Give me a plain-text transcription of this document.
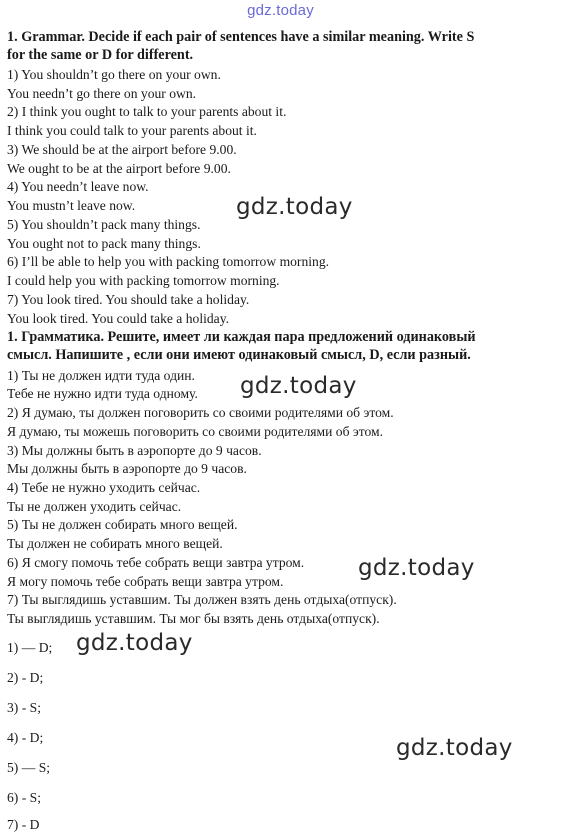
gdz.today
1. Grammar. Decide if each pair of sentences have a similar meaning. Write S
for the same or D for different.
1) You shouldn’t go there on your own.
You needn’t go there on your own.
2) I think you ought to talk to your parents about it.
I think you could talk to your parents about it.
3) We should be at the airport before 9.00.
We ought to be at the airport before 9.00.
4) You needn’t leave now.
You mustn’t leave now.
5) You shouldn’t pack many things.
You ought not to pack many things.
6) I’ll be able to help you with packing tomorrow morning.
I could help you with packing tomorrow morning.
7) You look tired. You should take a holiday.
You look tired. You could take a holiday.
1. Грамматика. Решите, имеет ли каждая пара предложений одинаковый
смысл. Напишите , если они имеют одинаковый смысл, D, если разный.
1) Ты не должен идти туда один.
Тебе не нужно идти туда одному.
2) Я думаю, ты должен поговорить со своими родителями об этом.
Я думаю, ты можешь поговорить со своими родителями об этом.
3) Мы должны быть в аэропорте до 9 часов.
Мы должны быть в аэропорте до 9 часов.
4) Тебе не нужно уходить сейчас.
Ты не должен уходить сейчас.
5) Ты не должен собирать много вещей.
Ты должен не собирать много вещей.
6) Я смогу помочь тебе собрать вещи завтра утром.
Я могу помочь тебе собрать вещи завтра утром.
7) Ты выглядишь уставшим. Ты должен взять день отдыха(отпуск).
Ты выглядишь уставшим. Ты мог бы взять день отдыха(отпуск).
1) — D;
2) - D;
3) - S;
4) - D;
5) — S;
6) - S;
7) - D
gdz.today
gdz.today
gdz.today
gdz.today
gdz.today
